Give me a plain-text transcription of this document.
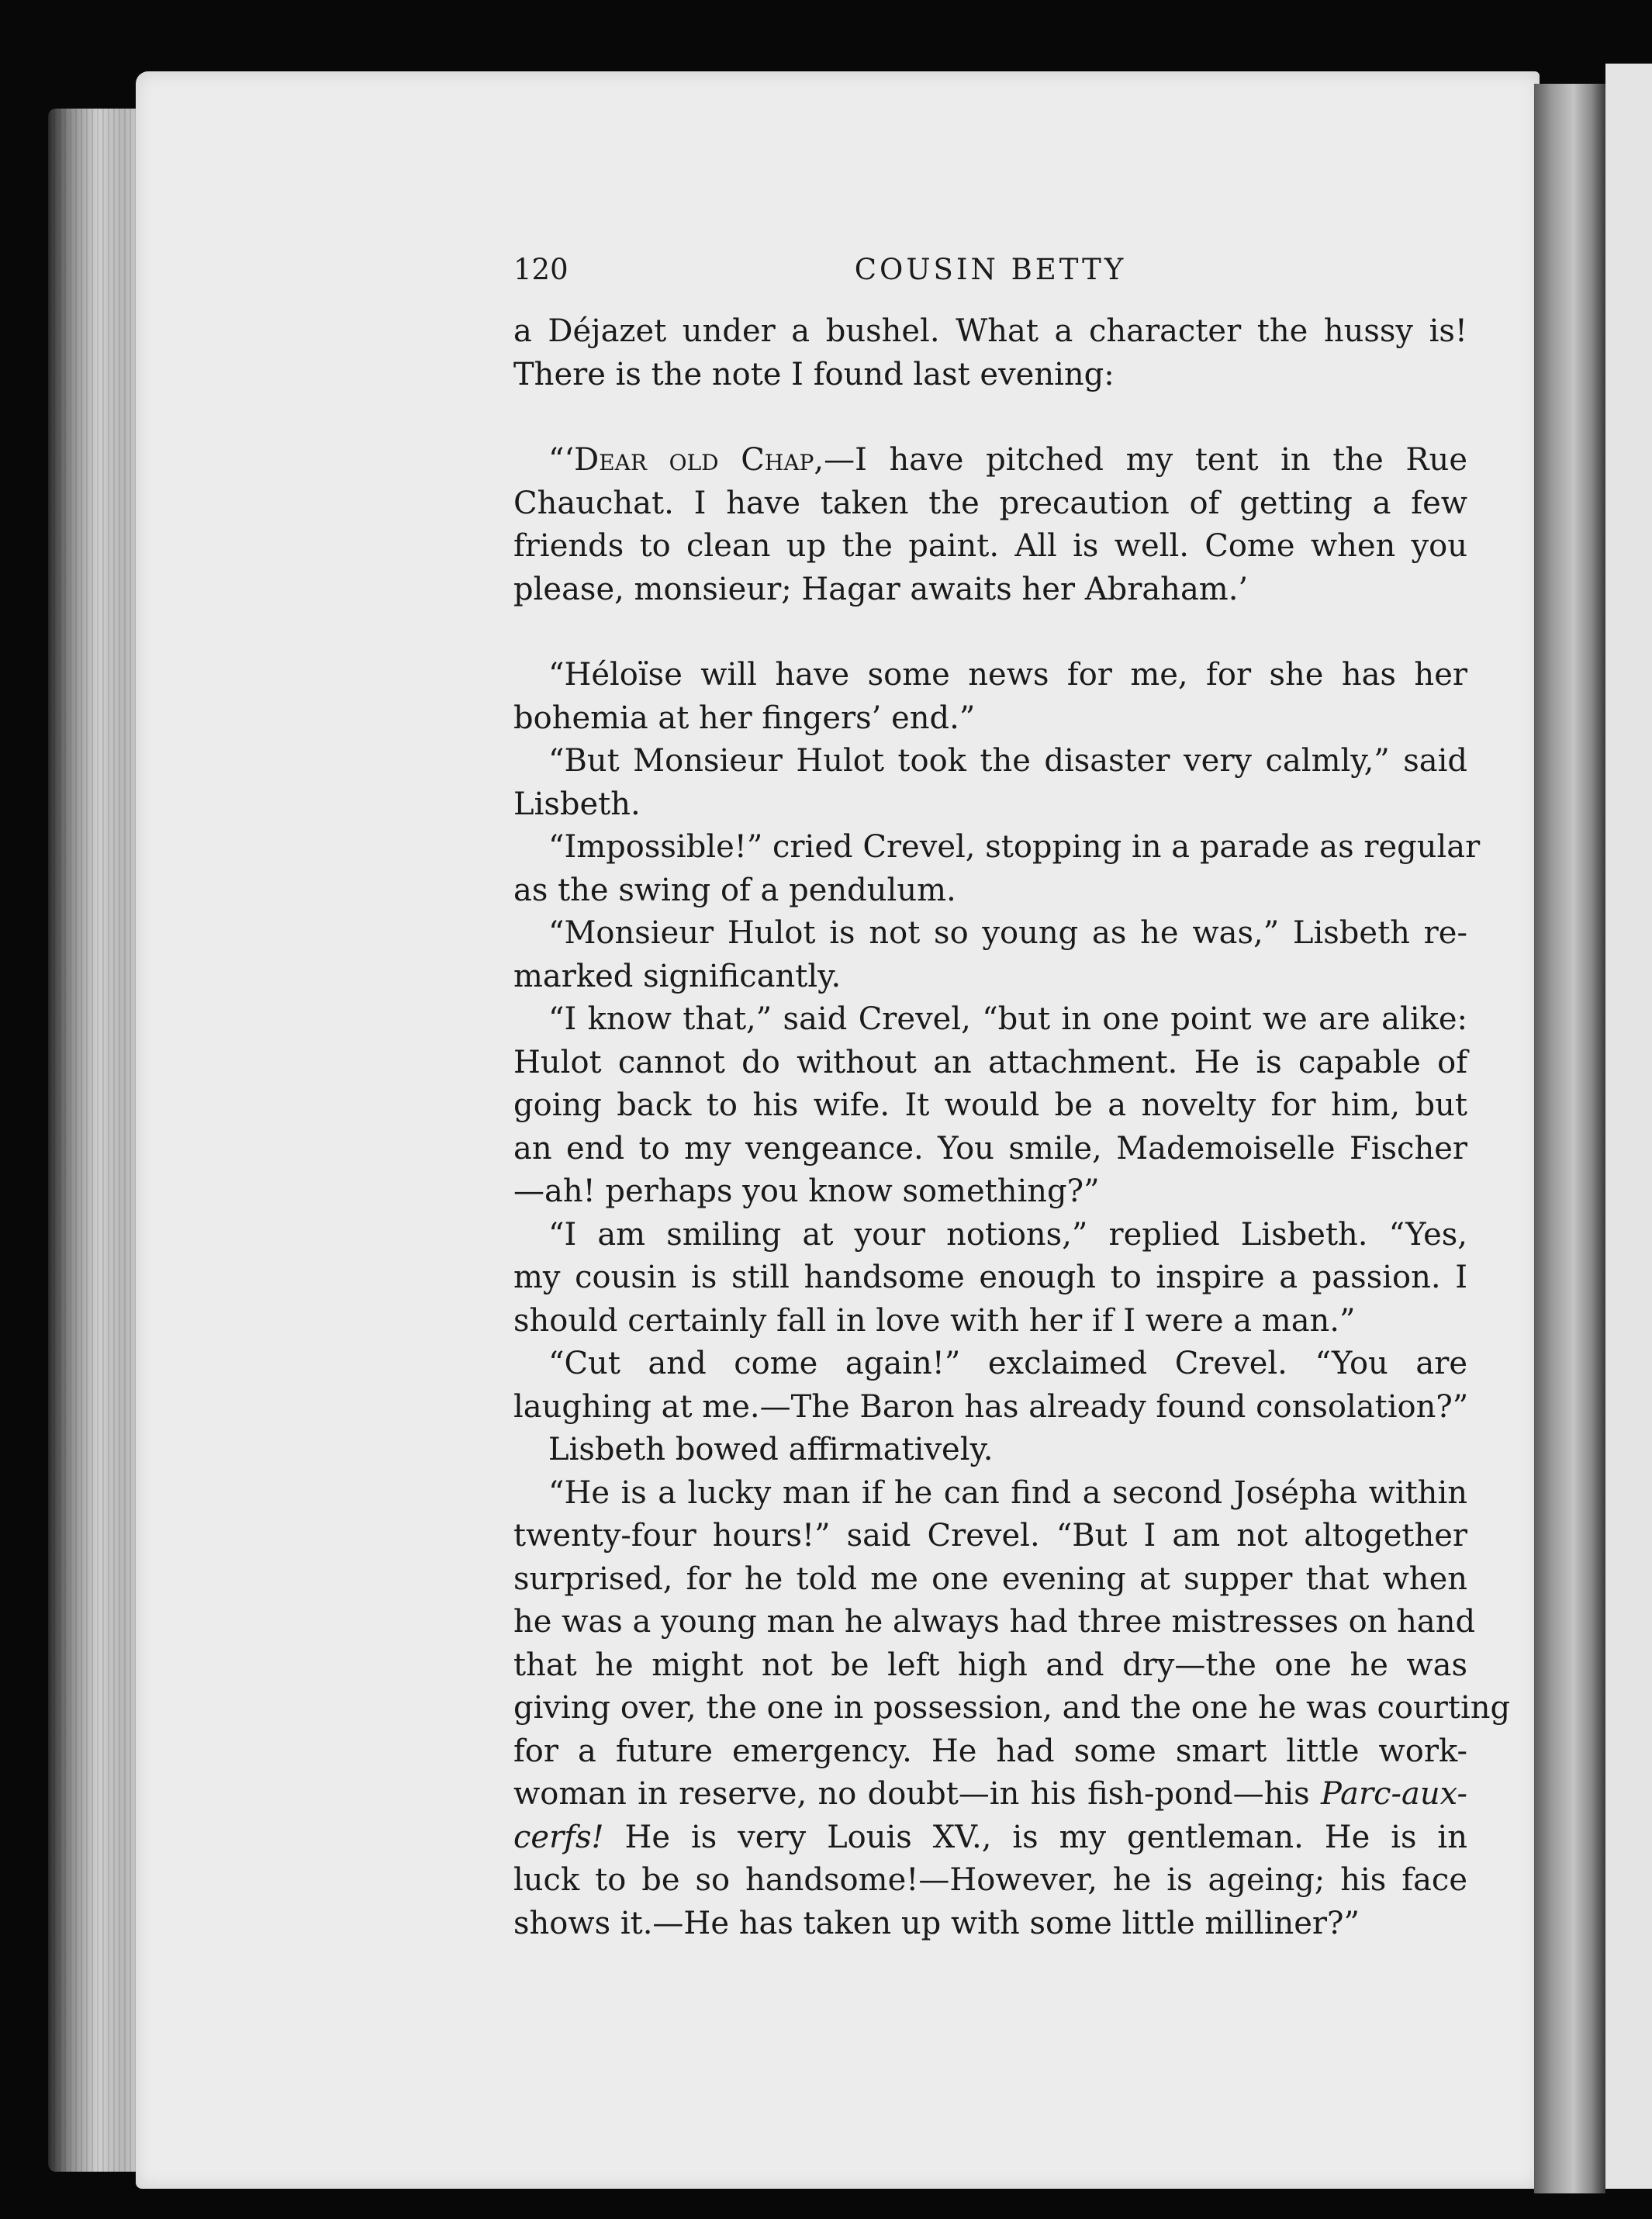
120	COUSIN BETTY
a Déjazet under a bushel. What a character the hussy is!
There is the note I found last evening:
“‘Dear old Chap,—I have pitched my tent in the Rue
Chauchat. I have taken the precaution of getting a few
friends to clean up the paint. All is well. Come when you
please, monsieur; Hagar awaits her Abraham.’
“Héloïse will have some news for me, for she has her
bohemia at her fingers’ end.”
“But Monsieur Hulot took the disaster very calmly,” said
Lisbeth.
“Impossible!” cried Crevel, stopping in a parade as regular
as the swing of a pendulum.
“Monsieur Hulot is not so young as he was,” Lisbeth re-
marked significantly.
“I know that,” said Crevel, “but in one point we are alike:
Hulot cannot do without an attachment. He is capable of
going back to his wife. It would be a novelty for him, but
an end to my vengeance. You smile, Mademoiselle Fischer
—ah! perhaps you know something?”
“I am smiling at your notions,” replied Lisbeth. “Yes,
my cousin is still handsome enough to inspire a passion. I
should certainly fall in love with her if I were a man.”
“Cut and come again!” exclaimed Crevel. “You are
laughing at me.—The Baron has already found consolation?”
Lisbeth bowed affirmatively.
“He is a lucky man if he can find a second Josépha within
twenty-four hours!” said Crevel. “But I am not altogether
surprised, for he told me one evening at supper that when
he was a young man he always had three mistresses on hand
that he might not be left high and dry—the one he was
giving over, the one in possession, and the one he was courting
for a future emergency. He had some smart little work-
woman in reserve, no doubt—in his fish-pond—his Parc-aux-
cerfs! He is very Louis XV., is my gentleman. He is in
luck to be so handsome!—However, he is ageing; his face
shows it.—He has taken up with some little milliner?”
